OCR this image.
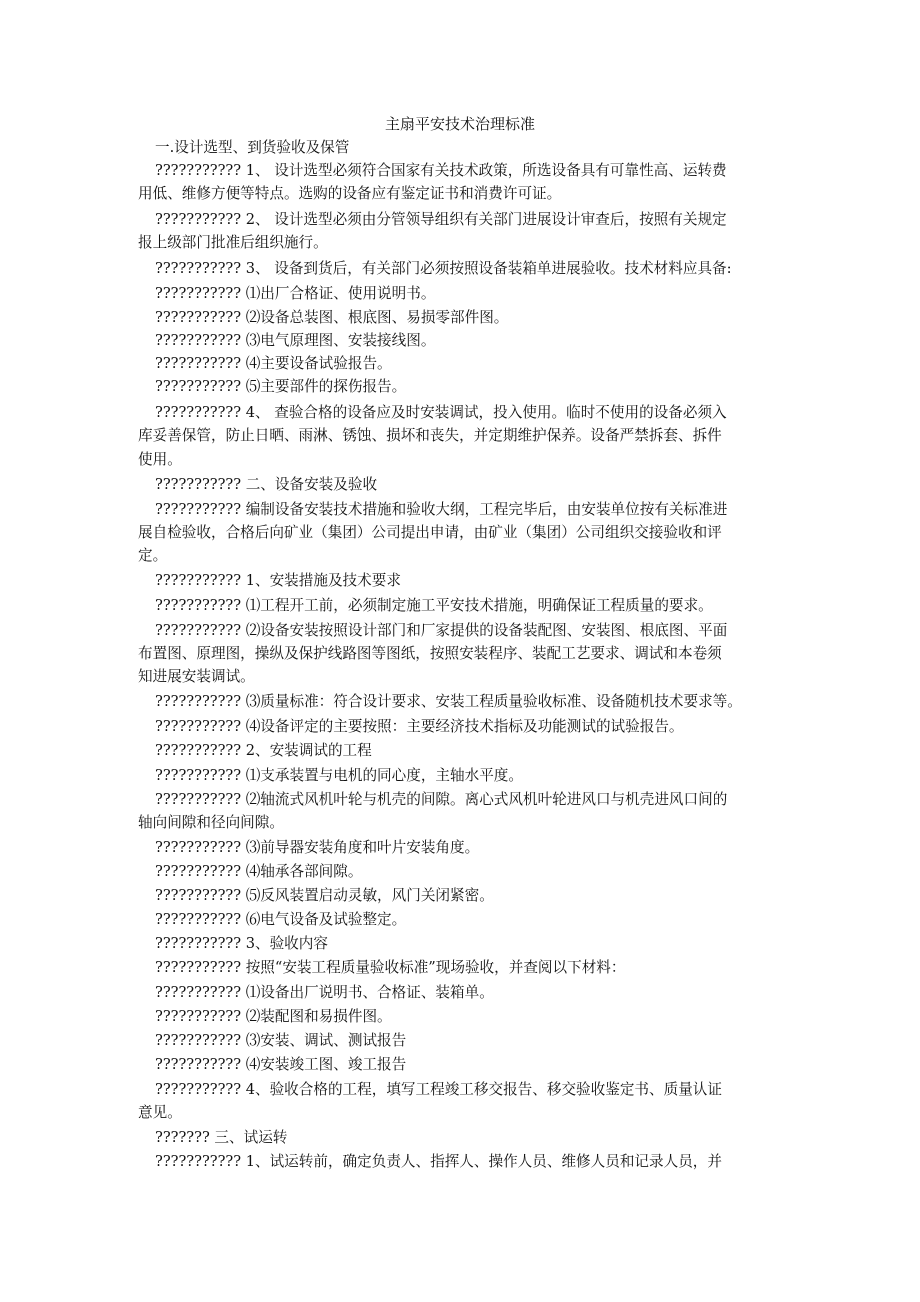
主扇平安技术治理标准
一.设计选型、到货验收及保管
??????????? 1、 设计选型必须符合国家有关技术政策，所选设备具有可靠性高、运转费
用低、维修方便等特点。选购的设备应有鉴定证书和消费许可证。
??????????? 2、 设计选型必须由分管领导组织有关部门进展设计审查后，按照有关规定
报上级部门批准后组织施行。
??????????? 3、 设备到货后，有关部门必须按照设备装箱单进展验收。技术材料应具备:
??????????? ⑴出厂合格证、使用说明书。
??????????? ⑵设备总装图、根底图、易损零部件图。
??????????? ⑶电气原理图、安装接线图。
??????????? ⑷主要设备试验报告。
??????????? ⑸主要部件的探伤报告。
??????????? 4、 查验合格的设备应及时安装调试，投入使用。临时不使用的设备必须入
库妥善保管，防止日晒、雨淋、锈蚀、损坏和丧失，并定期维护保养。设备严禁拆套、拆件
使用。
??????????? 二、设备安装及验收
??????????? 编制设备安装技术措施和验收大纲，工程完毕后，由安装单位按有关标准进
展自检验收，合格后向矿业（集团）公司提出申请，由矿业（集团）公司组织交接验收和评
定。
??????????? 1、安装措施及技术要求
??????????? ⑴工程开工前，必须制定施工平安技术措施，明确保证工程质量的要求。
??????????? ⑵设备安装按照设计部门和厂家提供的设备装配图、安装图、根底图、平面
布置图、原理图，操纵及保护线路图等图纸，按照安装程序、装配工艺要求、调试和本卷须
知进展安装调试。
??????????? ⑶质量标准：符合设计要求、安装工程质量验收标准、设备随机技术要求等。
??????????? ⑷设备评定的主要按照：主要经济技术指标及功能测试的试验报告。
??????????? 2、安装调试的工程
??????????? ⑴支承装置与电机的同心度，主轴水平度。
??????????? ⑵轴流式风机叶轮与机壳的间隙。离心式风机叶轮进风口与机壳进风口间的
轴向间隙和径向间隙。
??????????? ⑶前导器安装角度和叶片安装角度。
??????????? ⑷轴承各部间隙。
??????????? ⑸反风装置启动灵敏，风门关闭紧密。
??????????? ⑹电气设备及试验整定。
??????????? 3、验收内容
??????????? 按照“安装工程质量验收标准”现场验收，并查阅以下材料：
??????????? ⑴设备出厂说明书、合格证、装箱单。
??????????? ⑵装配图和易损件图。
??????????? ⑶安装、调试、测试报告
??????????? ⑷安装竣工图、竣工报告
??????????? 4、验收合格的工程，填写工程竣工移交报告、移交验收鉴定书、质量认证
意见。
??????? 三、试运转
??????????? 1、试运转前，确定负责人、指挥人、操作人员、维修人员和记录人员，并
